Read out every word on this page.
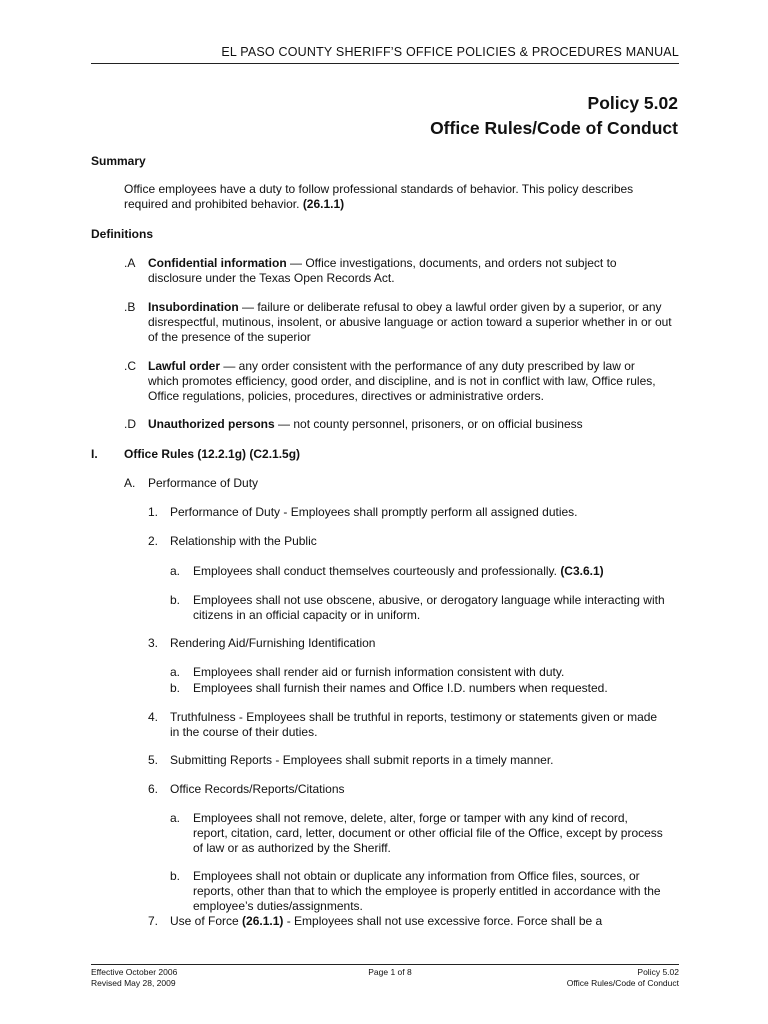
EL PASO COUNTY SHERIFF’S OFFICE POLICIES & PROCEDURES MANUAL
Policy 5.02
Office Rules/Code of Conduct
Summary
Office employees have a duty to follow professional standards of behavior. This policy describes required and prohibited behavior. (26.1.1)
Definitions
.A Confidential information — Office investigations, documents, and orders not subject to disclosure under the Texas Open Records Act.
.B Insubordination — failure or deliberate refusal to obey a lawful order given by a superior, or any disrespectful, mutinous, insolent, or abusive language or action toward a superior whether in or out of the presence of the superior
.C Lawful order — any order consistent with the performance of any duty prescribed by law or which promotes efficiency, good order, and discipline, and is not in conflict with law, Office rules, Office regulations, policies, procedures, directives or administrative orders.
.D Unauthorized persons — not county personnel, prisoners, or on official business
I. Office Rules (12.2.1g) (C2.1.5g)
A. Performance of Duty
1. Performance of Duty - Employees shall promptly perform all assigned duties.
2. Relationship with the Public
a. Employees shall conduct themselves courteously and professionally. (C3.6.1)
b. Employees shall not use obscene, abusive, or derogatory language while interacting with citizens in an official capacity or in uniform.
3. Rendering Aid/Furnishing Identification
a. Employees shall render aid or furnish information consistent with duty.
b. Employees shall furnish their names and Office I.D. numbers when requested.
4. Truthfulness - Employees shall be truthful in reports, testimony or statements given or made in the course of their duties.
5. Submitting Reports - Employees shall submit reports in a timely manner.
6. Office Records/Reports/Citations
a. Employees shall not remove, delete, alter, forge or tamper with any kind of record, report, citation, card, letter, document or other official file of the Office, except by process of law or as authorized by the Sheriff.
b. Employees shall not obtain or duplicate any information from Office files, sources, or reports, other than that to which the employee is properly entitled in accordance with the employee’s duties/assignments.
7. Use of Force (26.1.1) - Employees shall not use excessive force. Force shall be a
Effective October 2006
Revised May 28, 2009
Page 1 of 8	Policy 5.02
Office Rules/Code of Conduct
